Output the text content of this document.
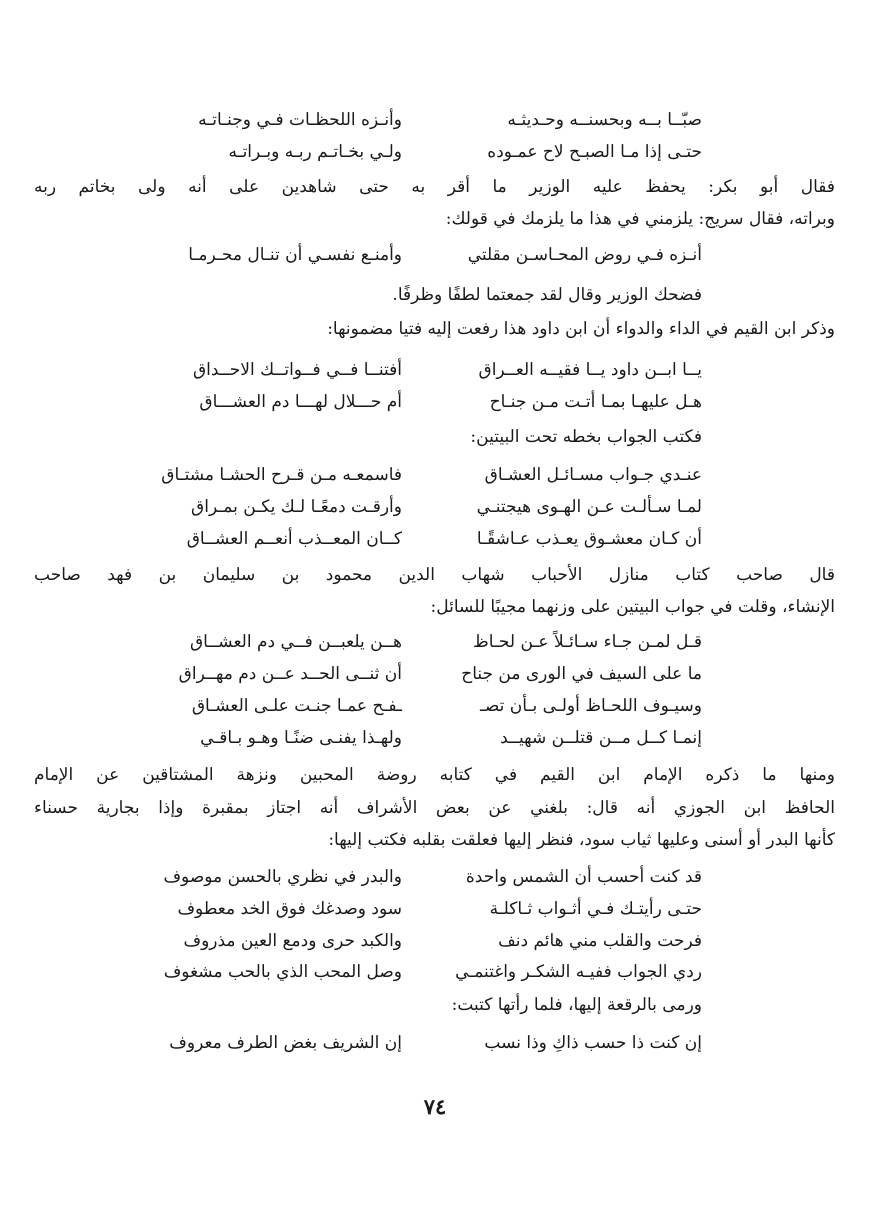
صبّــا بــه وبحسنــه وحـديثـه
وأنـزه اللحظـات فـي وجنـاتـه
حتـى إذا مـا الصبـح لاح عمـوده
ولـي بخـاتـم ربـه وبـراتـه
فقال أبو بكر: يحفظ عليه الوزير ما أقر به حتى شاهدين على أنه ولى بخاتم ربه
وبراته، فقال سريج: يلزمني في هذا ما يلزمك في قولك:
أنـزه فـي روض المحـاسـن مقلتي
وأمنـع نفسـي أن تنـال محـرمـا
فضحك الوزير وقال لقد جمعتما لطفًا وظرفًا.
وذكر ابن القيم في الداء والدواء أن ابن داود هذا رفعت إليه فتيا مضمونها:
يــا ابــن داود يــا فقيــه العــراق
أفتنــا فــي فــواتــك الاحــداق
هـل عليهـا بمـا أتـت مـن جنـاح
أم حـــلال لهـــا دم العشـــاق
فكتب الجواب بخطه تحت البيتين:
عنـدي جـواب مسـائـل العشـاق
فاسمعـه مـن قـرح الحشـا مشتـاق
لمـا سـألـت عـن الهـوى هيجتنـي
وأرقـت دمعًـا لـك يكـن بمـراق
أن كـان معشـوق يعـذب عـاشقًـا
كــان المعــذب أنعــم العشــاق
قال صاحب كتاب منازل الأحباب شهاب الدين محمود بن سليمان بن فهد صاحب
الإنشاء، وقلت في جواب البيتين على وزنهما مجيبًا للسائل:
قـل لمـن جـاء سـائـلاً عـن لحـاظ
هــن يلعبــن فــي دم العشــاق
ما على السيف في الورى من جناح
أن ثنــى الحــد عــن دم مهــراق
وسيـوف اللحـاظ أولـى بـأن تصـ
ـفـح عمـا جنـت علـى العشـاق
إنمـا كــل مــن قتلــن شهيــد
ولهـذا يفنـى ضنًـا وهـو بـاقـي
ومنها ما ذكره الإمام ابن القيم في كتابه روضة المحبين ونزهة المشتاقين عن الإمام
الحافظ ابن الجوزي أنه قال: بلغني عن بعض الأشراف أنه اجتاز بمقبرة وإذا بجارية حسناء
كأنها البدر أو أسنى وعليها ثياب سود، فنظر إليها فعلقت بقلبه فكتب إليها:
قد كنت أحسب أن الشمس واحدة
والبدر في نظري بالحسن موصوف
حتـى رأيتـك فـي أثـواب ثـاكلـة
سود وصدغك فوق الخد معطوف
فرحت والقلب مني هائم دنف
والكبد حرى ودمع العين مذروف
ردي الجواب ففيـه الشكـر واغتنمـي
وصل المحب الذي بالحب مشغوف
ورمى بالرقعة إليها، فلما رأتها كتبت:
إن كنت ذا حسب ذاكِ وذا نسب
إن الشريف بغض الطرف معروف
٧٤
